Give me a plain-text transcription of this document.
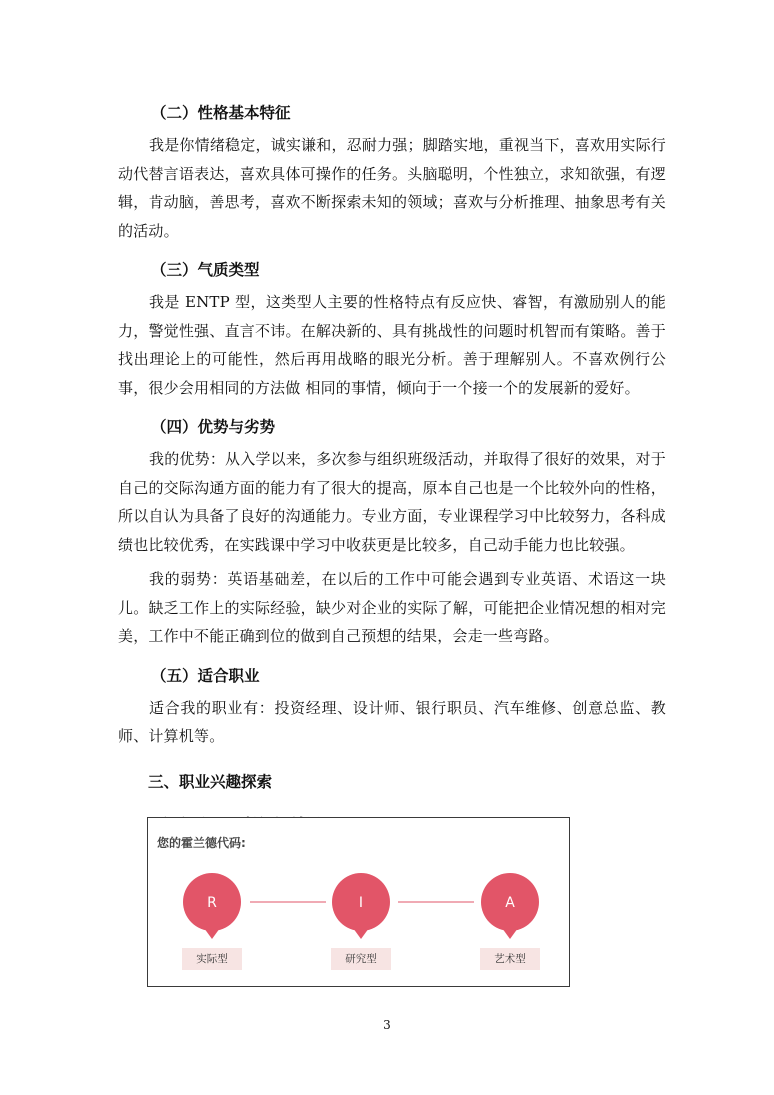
（二）性格基本特征

我是你情绪稳定，诚实谦和，忍耐力强；脚踏实地，重视当下，喜欢用实际行动代替言语表达，喜欢具体可操作的任务。头脑聪明，个性独立，求知欲强，有逻辑，肯动脑，善思考，喜欢不断探索未知的领域；喜欢与分析推理、抽象思考有关的活动。

（三）气质类型

我是 ENTP 型，这类型人主要的性格特点有反应快、睿智，有激励别人的能力，警觉性强、直言不讳。在解决新的、具有挑战性的问题时机智而有策略。善于找出理论上的可能性，然后再用战略的眼光分析。善于理解别人。不喜欢例行公事，很少会用相同的方法做 相同的事情，倾向于一个接一个的发展新的爱好。

（四）优势与劣势

我的优势：从入学以来，多次参与组织班级活动，并取得了很好的效果，对于自己的交际沟通方面的能力有了很大的提高，原本自己也是一个比较外向的性格，所以自认为具备了良好的沟通能力。专业方面，专业课程学习中比较努力，各科成绩也比较优秀，在实践课中学习中收获更是比较多，自己动手能力也比较强。

我的弱势：英语基础差，在以后的工作中可能会遇到专业英语、术语这一块儿。缺乏工作上的实际经验，缺少对企业的实际了解，可能把企业情况想的相对完美，工作中不能正确到位的做到自己预想的结果，会走一些弯路。

（五）适合职业

适合我的职业有：投资经理、设计师、银行职员、汽车维修、创意总监、教师、计算机等。

三、职业兴趣探索
您的霍兰德代码:
R	I	A
实际型	研究型	艺术型
3
